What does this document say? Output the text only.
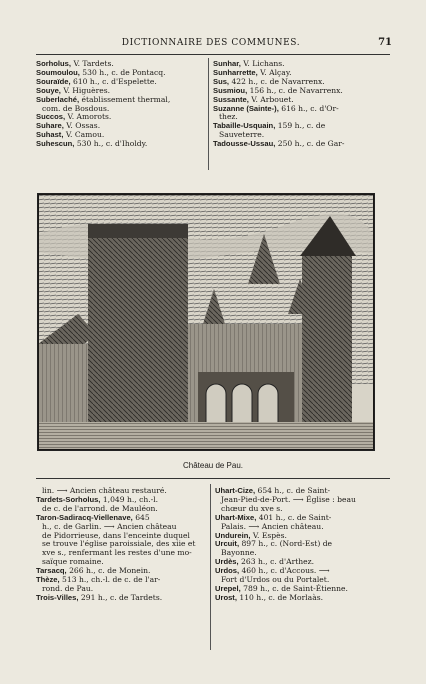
DICTIONNAIRE DES COMMUNES.	71
Sorholus, V. Tardets.
Soumoulou, 530 h., c. de Pontacq.
Souraïde, 610 h., c. d'Espelette.
Souye, V. Higuères.
Suberlaché, établissement thermal,
com. de Bosdous.
Succos, V. Amorots.
Suhare, V. Ossas.
Suhast, V. Camou.
Suhescun, 530 h., c. d'Iholdy.
Sunhar, V. Lichans.
Sunharrette, V. Alçay.
Sus, 422 h., c. de Navarrenx.
Susmiou, 156 h., c. de Navarrenx.
Sussante, V. Arbouet.
Suzanne (Sainte-), 616 h., c. d'Or-
thez.
Tabaille-Usquain, 159 h., c. de
Sauveterre.
Tadousse-Ussau, 250 h., c. de Gar-
Château de Pau.
lin. ⟶ Ancien château restauré.
Tardets-Sorholus, 1,049 h., ch.-l.
de c. de l'arrond. de Mauléon.
Taron-Sadiracq-Viellenave, 645
h., c. de Garlin. ⟶ Ancien château
de Pidorrieuse, dans l'enceinte duquel
se trouve l'église paroissiale, des xiie et
xve s., renfermant les restes d'une mo-
saïque romaine.
Tarsacq, 266 h., c. de Monein.
Thèze, 513 h., ch.-l. de c. de l'ar-
rond. de Pau.
Trois-Villes, 291 h., c. de Tardets.
Uhart-Cize, 654 h., c. de Saint-
Jean-Pied-de-Port. ⟶ Église : beau
chœur du xve s.
Uhart-Mixe, 401 h., c. de Saint-
Palais. ⟶ Ancien château.
Undurein, V. Espès.
Urcuit, 897 h., c. (Nord-Est) de
Bayonne.
Urdès, 263 h., c. d'Arthez.
Urdos, 460 h., c. d'Accous. ⟶
Fort d'Urdos ou du Portalet.
Urepel, 789 h., c. de Saint-Étienne.
Urost, 110 h., c. de Morlaàs.
